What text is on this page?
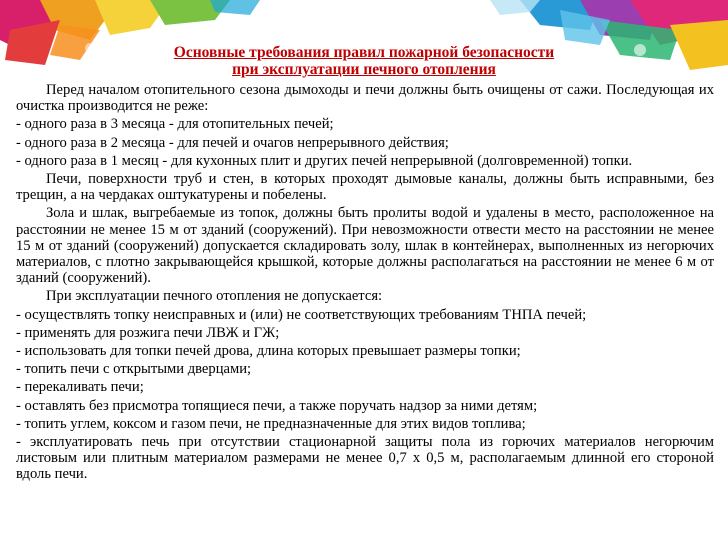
Основные требования правил пожарной безопасности
при эксплуатации печного отопления

Перед началом отопительного сезона дымоходы и печи должны быть очищены от сажи. Последующая их очистка производится не реже:

- одного раза в 3 месяца - для отопительных печей;

- одного раза в 2 месяца - для печей и очагов непрерывного действия;

- одного раза в 1 месяц - для кухонных плит и других печей непрерывной (долговременной) топки.

Печи, поверхности труб и стен, в которых проходят дымовые каналы, должны быть исправными, без трещин, а на чердаках оштукатурены и побелены.

Зола и шлак, выгребаемые из топок, должны быть пролиты водой и удалены в место, расположенное на расстоянии не менее 15 м от зданий (сооружений). При невозможности отвести место на расстоянии не менее 15 м от зданий (сооружений) допускается складировать золу, шлак в контейнерах, выполненных из негорючих материалов, с плотно закрывающейся крышкой, которые должны располагаться на расстоянии не менее 6 м от зданий (сооружений).

При эксплуатации печного отопления не допускается:

- осуществлять топку неисправных и (или) не соответствующих требованиям ТНПА печей;

- применять для розжига печи ЛВЖ и ГЖ;

- использовать для топки печей дрова, длина которых превышает размеры топки;

- топить печи с открытыми дверцами;

- перекаливать печи;

- оставлять без присмотра топящиеся печи, а также поручать надзор за ними детям;

- топить углем, коксом и газом печи, не предназначенные для этих видов топлива;

- эксплуатировать печь при отсутствии стационарной защиты пола из горючих материалов негорючим листовым или плитным материалом размерами не менее 0,7 х 0,5 м, располагаемым длинной его стороной вдоль печи.
